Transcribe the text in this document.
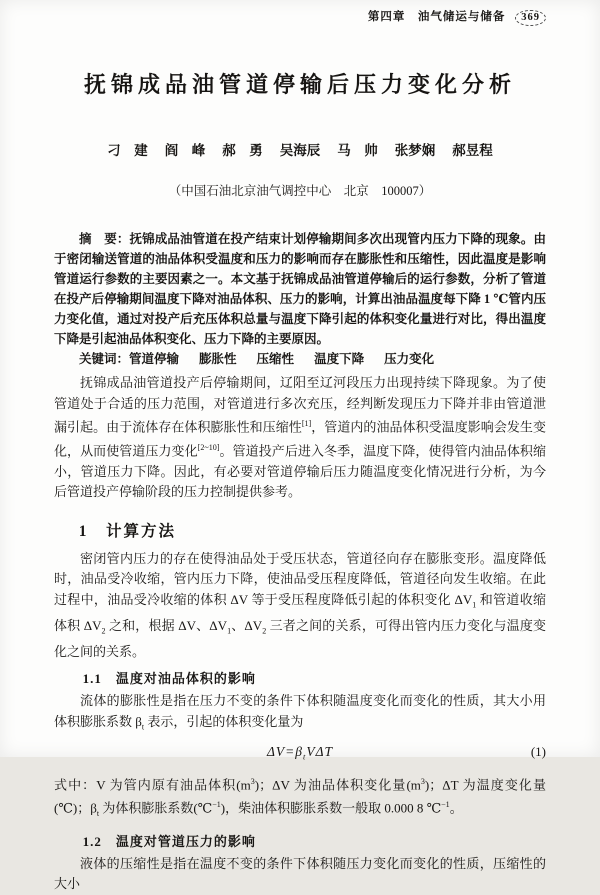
第四章　油气储运与储备 369
抚锦成品油管道停输后压力变化分析
刁　建 阎　峰 郝　勇 吴海辰 马　帅 张梦娴 郝昱程
（中国石油北京油气调控中心　北京　100007）

摘　要：抚锦成品油管道在投产结束计划停输期间多次出现管内压力下降的现象。由于密闭输送管道的油品体积受温度和压力的影响而存在膨胀性和压缩性，因此温度是影响管道运行参数的主要因素之一。本文基于抚锦成品油管道停输后的运行参数，分析了管道在投产后停输期间温度下降对油品体积、压力的影响，计算出油品温度每下降 1 ℃管内压力变化值，通过对投产后充压体积总量与温度下降引起的体积变化量进行对比，得出温度下降是引起油品体积变化、压力下降的主要原因。

关键词：管道停输 膨胀性 压缩性 温度下降 压力变化

抚锦成品油管道投产后停输期间，辽阳至辽河段压力出现持续下降现象。为了使管道处于合适的压力范围，对管道进行多次充压，经判断发现压力下降并非由管道泄漏引起。由于流体存在体积膨胀性和压缩性[1]，管道内的油品体积受温度影响会发生变化，从而使管道压力变化[2~10]。管道投产后进入冬季，温度下降，使得管内油品体积缩小，管道压力下降。因此，有必要对管道停输后压力随温度变化情况进行分析，为今后管道投产停输阶段的压力控制提供参考。

1　计算方法

密闭管内压力的存在使得油品处于受压状态，管道径向存在膨胀变形。温度降低时，油品受冷收缩，管内压力下降，使油品受压程度降低，管道径向发生收缩。在此过程中，油品受冷收缩的体积 ΔV 等于受压程度降低引起的体积变化 $\Delta V_1$ 和管道收缩体积 $\Delta V_2$ 之和，根据 ΔV、$\Delta V_1$、$\Delta V_2$ 三者之间的关系，可得出管内压力变化与温度变化之间的关系。

1.1　温度对油品体积的影响

流体的膨胀性是指在压力不变的条件下体积随温度变化而变化的性质，其大小用体积膨胀系数 $\beta_t$ 表示，引起的体积变化量为

$\Delta V=\beta_tV\Delta T$	(1)

式中：V 为管内原有油品体积$(m^3)$；ΔV 为油品体积变化量$(m^3)$；ΔT 为温度变化量(℃)；$\beta_t$ 为体积膨胀系数(℃$^{-1}$)，柴油体积膨胀系数一般取 0.000 8 ℃$^{-1}$。

1.2　温度对管道压力的影响

液体的压缩性是指在温度不变的条件下体积随压力变化而变化的性质，压缩性的大小
